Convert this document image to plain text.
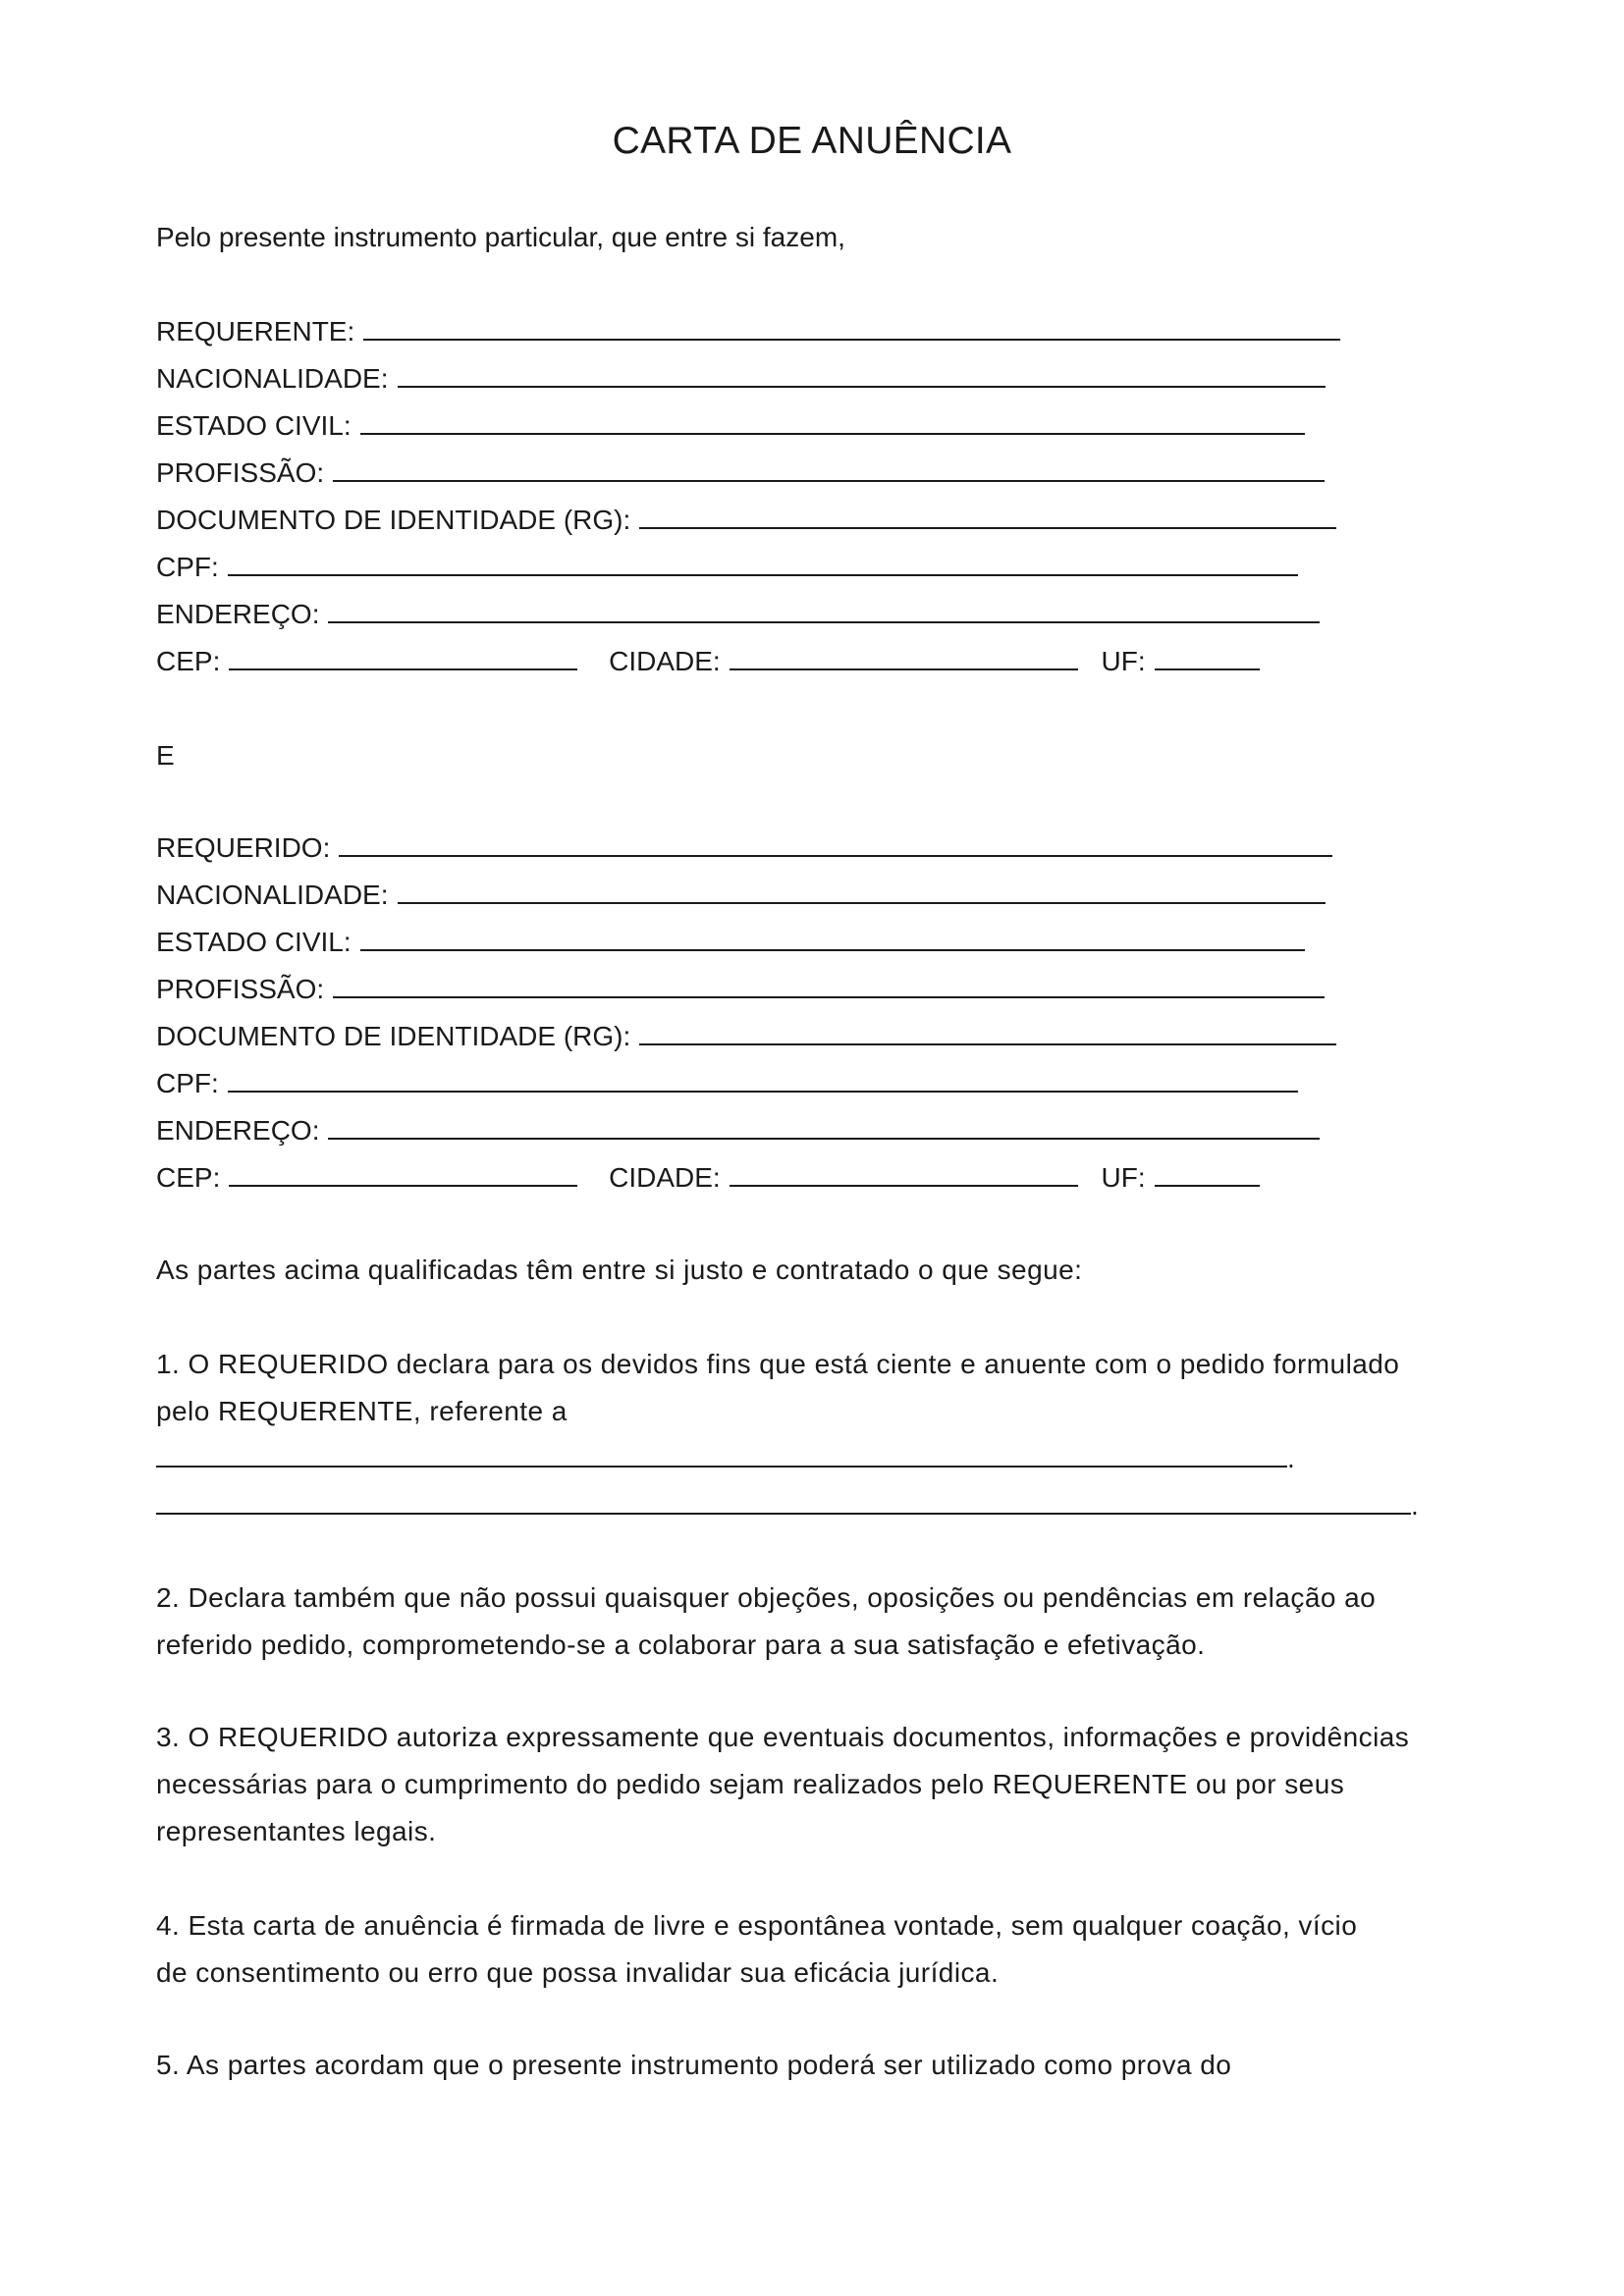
CARTA DE ANUÊNCIA
Pelo presente instrumento particular, que entre si fazem,
REQUERENTE:
NACIONALIDADE:
ESTADO CIVIL:
PROFISSÃO:
DOCUMENTO DE IDENTIDADE (RG):
CPF:
ENDEREÇO:
CEP:
	CIDADE:
	UF:
E
REQUERIDO:
NACIONALIDADE:
ESTADO CIVIL:
PROFISSÃO:
DOCUMENTO DE IDENTIDADE (RG):
CPF:
ENDEREÇO:
CEP:
	CIDADE:
	UF:
As partes acima qualificadas têm entre si justo e contratado o que segue:
1. O REQUERIDO declara para os devidos fins que está ciente e anuente com o pedido formulado
pelo REQUERENTE, referente a
.
.
2. Declara também que não possui quaisquer objeções, oposições ou pendências em relação ao
referido pedido, comprometendo-se a colaborar para a sua satisfação e efetivação.
3. O REQUERIDO autoriza expressamente que eventuais documentos, informações e providências
necessárias para o cumprimento do pedido sejam realizados pelo REQUERENTE ou por seus
representantes legais.
4. Esta carta de anuência é firmada de livre e espontânea vontade, sem qualquer coação, vício
de consentimento ou erro que possa invalidar sua eficácia jurídica.
5. As partes acordam que o presente instrumento poderá ser utilizado como prova do
